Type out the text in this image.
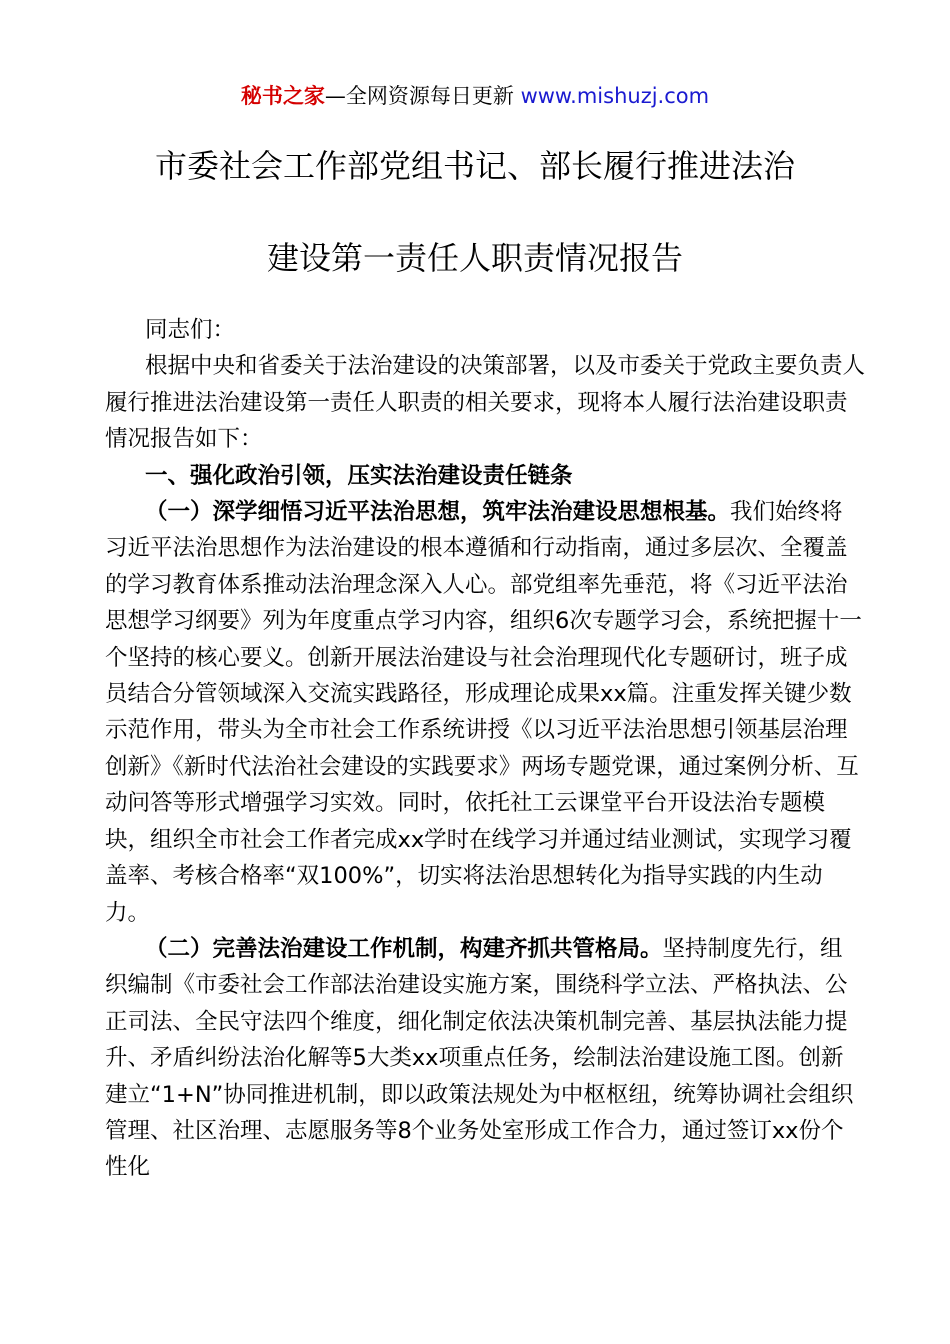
秘书之家—全网资源每日更新 www.mishuzj.com
市委社会工作部党组书记、部长履行推进法治
建设第一责任人职责情况报告

同志们：

根据中央和省委关于法治建设的决策部署，以及市委关于党政主要负责人履行推进法治建设第一责任人职责的相关要求，现将本人履行法治建设职责情况报告如下：

一、强化政治引领，压实法治建设责任链条

（一）深学细悟习近平法治思想，筑牢法治建设思想根基。我们始终将习近平法治思想作为法治建设的根本遵循和行动指南，通过多层次、全覆盖的学习教育体系推动法治理念深入人心。部党组率先垂范，将《习近平法治思想学习纲要》列为年度重点学习内容，组织6次专题学习会，系统把握十一个坚持的核心要义。创新开展法治建设与社会治理现代化专题研讨，班子成员结合分管领域深入交流实践路径，形成理论成果xx篇。注重发挥关键少数示范作用，带头为全市社会工作系统讲授《以习近平法治思想引领基层治理创新》《新时代法治社会建设的实践要求》两场专题党课，通过案例分析、互动问答等形式增强学习实效。同时，依托社工云课堂平台开设法治专题模块，组织全市社会工作者完成xx学时在线学习并通过结业测试，实现学习覆盖率、考核合格率“双100%”，切实将法治思想转化为指导实践的内生动力。

（二）完善法治建设工作机制，构建齐抓共管格局。坚持制度先行，组织编制《市委社会工作部法治建设实施方案，围绕科学立法、严格执法、公正司法、全民守法四个维度，细化制定依法决策机制完善、基层执法能力提升、矛盾纠纷法治化解等5大类xx项重点任务，绘制法治建设施工图。创新建立“1+N”协同推进机制，即以政策法规处为中枢枢纽，统筹协调社会组织管理、社区治理、志愿服务等8个业务处室形成工作合力，通过签订xx份个性化
